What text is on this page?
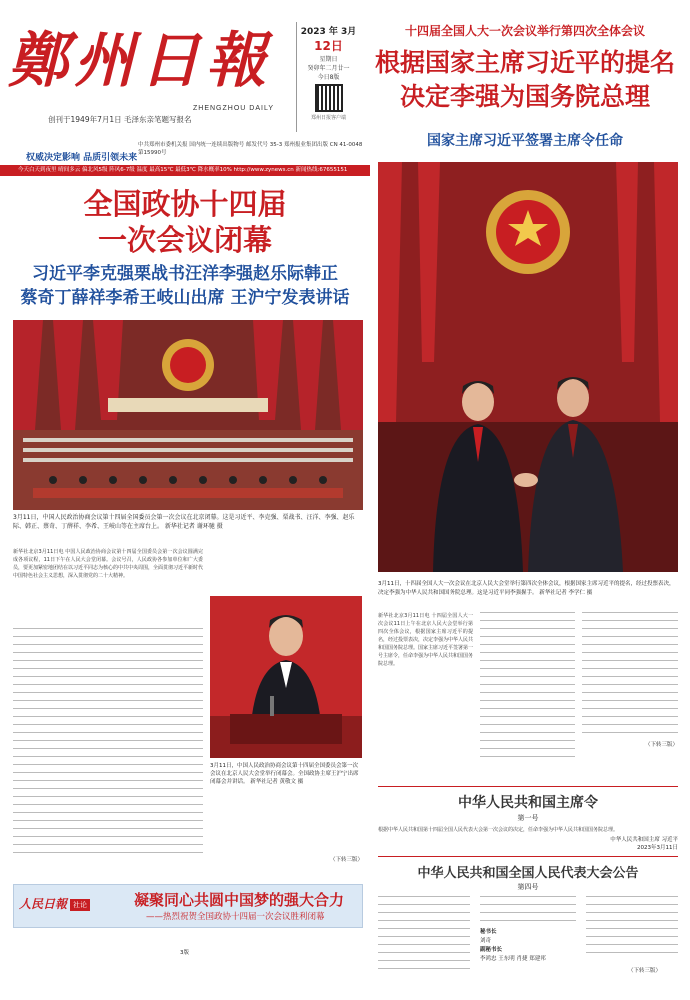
鄭州日報
ZHENGZHOU DAILY
创刊于1949年7月1日 毛泽东亲笔题写报名
2023 年 3月
12日
星期日
癸卯年二月廿一
今日8版
郑州日报客户端
权威决定影响 品质引领未来
中共郑州市委机关报 国内统一连续出版物号 邮发代号 35-3 郑州报业集团出版 CN 41-0048 第15990号
今天白天到夜里 晴间多云 偏北风5级 阵风6-7级 温度 最高15℃ 最低3℃ 降水概率10% http://www.zynews.cn 新闻热线:67655151
全国政协十四届
一次会议闭幕
习近平李克强栗战书汪洋李强赵乐际韩正
蔡奇丁薛祥李希王岐山出席 王沪宁发表讲话
3月11日，中国人民政治协商会议第十四届全国委员会第一次会议在北京闭幕。这是习近平、李克强、栗战书、汪洋、李强、赵乐际、韩正、蔡奇、丁薛祥、李希、王岐山等在主席台上。 新华社记者 谢环驰 摄
新华社北京3月11日电 中国人民政治协商会议第十四届全国委员会第一次会议圆满完成各项议程，11日下午在人民大会堂闭幕。会议号召，人民政协各参加单位和广大委员，要更加紧密地团结在以习近平同志为核心的中共中央周围，全面贯彻习近平新时代中国特色社会主义思想，深入贯彻党的二十大精神。
3月11日，中国人民政治协商会议第十四届全国委员会第一次会议在北京人民大会堂举行闭幕会。全国政协主席王沪宁出席闭幕会并讲话。 新华社记者 黄敬文 摄
（下转三版）
人民日報 社论	凝聚同心共圆中国梦的强大合力
——热烈祝贺全国政协十四届一次会议胜利闭幕
3版
十四届全国人大一次会议举行第四次全体会议
根据国家主席习近平的提名
决定李强为国务院总理
国家主席习近平签署主席令任命
3月11日，十四届全国人大一次会议在北京人民大会堂举行第四次全体会议，根据国家主席习近平的提名，经过投票表决，决定李强为中华人民共和国国务院总理。这是习近平同李强握手。 新华社记者 李学仁 摄
新华社北京3月11日电 十四届全国人大一次会议11日上午在北京人民大会堂举行第四次全体会议，根据国家主席习近平的提名，经过投票表决，决定李强为中华人民共和国国务院总理。国家主席习近平签署第一号主席令，任命李强为中华人民共和国国务院总理。
（下转三版）
中华人民共和国主席令
第一号
根据中华人民共和国第十四届全国人民代表大会第一次会议的决定，任命李强为中华人民共和国国务院总理。
中华人民共和国主席 习近平
2023年3月11日
中华人民共和国全国人民代表大会公告
第四号
秘书长
刘奇
副秘书长
李鸿忠 王东明 肖捷 郑建邦
（下转三版）
